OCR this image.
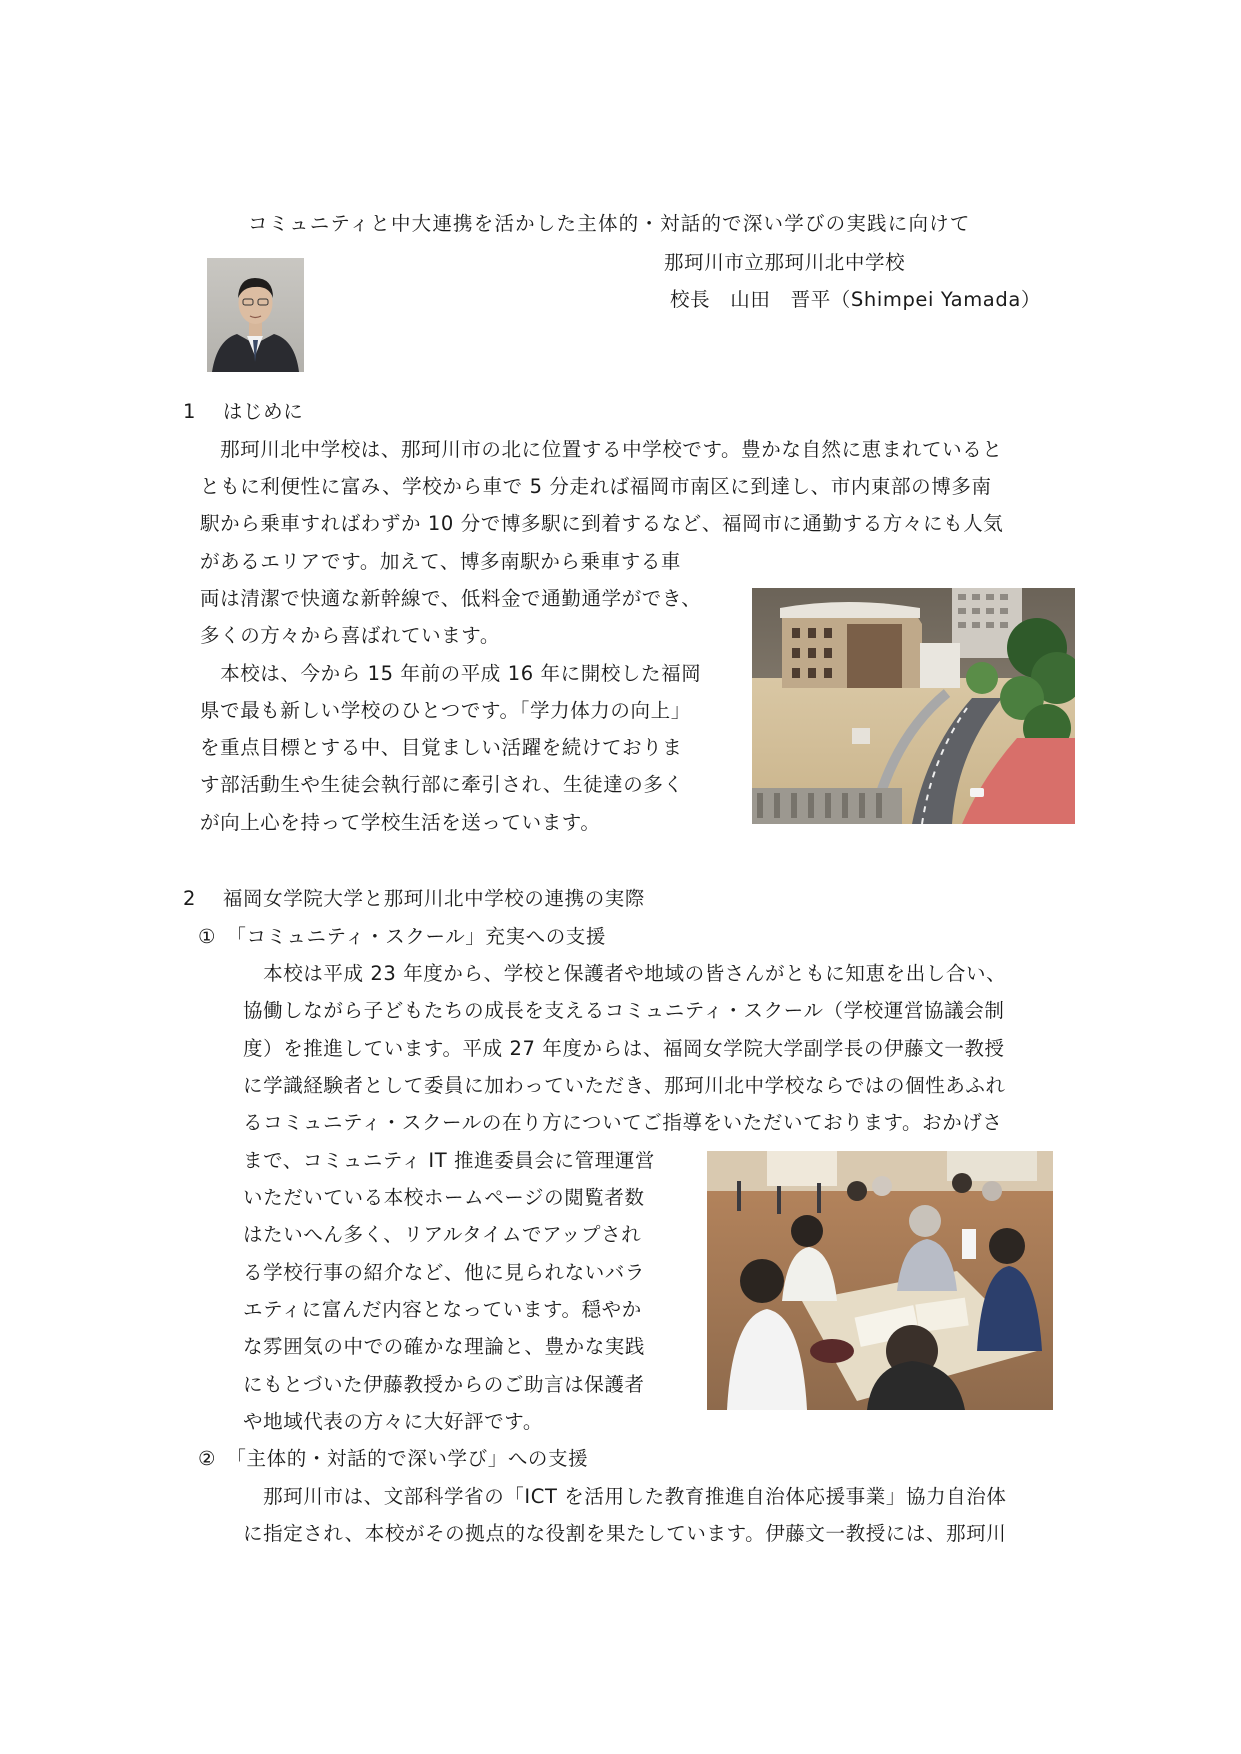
コミュニティと中大連携を活かした主体的・対話的で深い学びの実践に向けて
那珂川市立那珂川北中学校
校長　山田　晋平（Shimpei Yamada）
1　 はじめに
　那珂川北中学校は、那珂川市の北に位置する中学校です。豊かな自然に恵まれていると
ともに利便性に富み、学校から車で 5 分走れば福岡市南区に到達し、市内東部の博多南
駅から乗車すればわずか 10 分で博多駅に到着するなど、福岡市に通勤する方々にも人気
があるエリアです。加えて、博多南駅から乗車する車
両は清潔で快適な新幹線で、低料金で通勤通学ができ、
多くの方々から喜ばれています。
　本校は、今から 15 年前の平成 16 年に開校した福岡
県で最も新しい学校のひとつです。「学力体力の向上」
を重点目標とする中、目覚ましい活躍を続けておりま
す部活動生や生徒会執行部に牽引され、生徒達の多く
が向上心を持って学校生活を送っています。
2　 福岡女学院大学と那珂川北中学校の連携の実際
①　「コミュニティ・スクール」充実への支援
　本校は平成 23 年度から、学校と保護者や地域の皆さんがともに知恵を出し合い、
協働しながら子どもたちの成長を支えるコミュニティ・スクール（学校運営協議会制
度）を推進しています。平成 27 年度からは、福岡女学院大学副学長の伊藤文一教授
に学識経験者として委員に加わっていただき、那珂川北中学校ならではの個性あふれ
るコミュニティ・スクールの在り方についてご指導をいただいております。おかげさ
まで、コミュニティ IT 推進委員会に管理運営
いただいている本校ホームページの閲覧者数
はたいへん多く、リアルタイムでアップされ
る学校行事の紹介など、他に見られないバラ
エティに富んだ内容となっています。穏やか
な雰囲気の中での確かな理論と、豊かな実践
にもとづいた伊藤教授からのご助言は保護者
や地域代表の方々に大好評です。
②　「主体的・対話的で深い学び」への支援
　那珂川市は、文部科学省の「ICT を活用した教育推進自治体応援事業」協力自治体
に指定され、本校がその拠点的な役割を果たしています。伊藤文一教授には、那珂川
